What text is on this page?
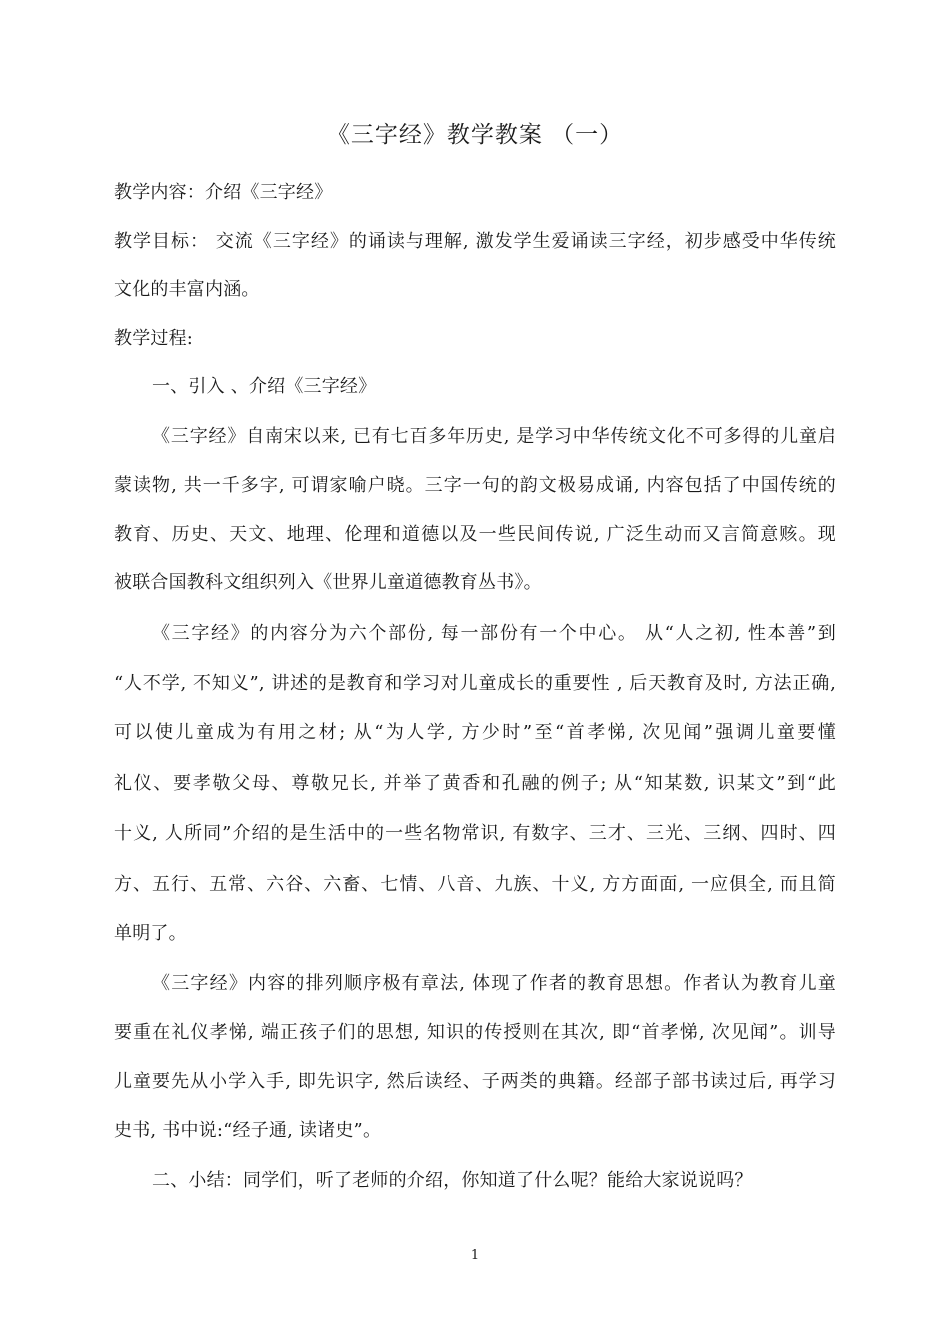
《三字经》教学教案 （一）
教学内容：介绍《三字经》
教学目标： 交流《三字经》的诵读与理解, 激发学生爱诵读三字经，初步感受中华传统
文化的丰富内涵。
教学过程:
一、引入 、介绍《三字经》
《三字经》自南宋以来, 已有七百多年历史, 是学习中华传统文化不可多得的儿童启
蒙读物, 共一千多字, 可谓家喻户晓。三字一句的韵文极易成诵, 内容包括了中国传统的
教育、历史、天文、地理、伦理和道德以及一些民间传说, 广泛生动而又言简意赅。现
被联合国教科文组织列入《世界儿童道德教育丛书》。
《三字经》的内容分为六个部份, 每一部份有一个中心。 从“人之初, 性本善”到
“人不学, 不知义”, 讲述的是教育和学习对儿童成长的重要性 , 后天教育及时, 方法正确,
可以使儿童成为有用之材; 从“为人学, 方少时”至“首孝悌, 次见闻”强调儿童要懂
礼仪、要孝敬父母、尊敬兄长, 并举了黄香和孔融的例子; 从“知某数, 识某文”到“此
十义, 人所同”介绍的是生活中的一些名物常识, 有数字、三才、三光、三纲、四时、四
方、五行、五常、六谷、六畜、七情、八音、九族、十义, 方方面面, 一应俱全, 而且简
单明了。
《三字经》内容的排列顺序极有章法, 体现了作者的教育思想。作者认为教育儿童
要重在礼仪孝悌, 端正孩子们的思想, 知识的传授则在其次, 即“首孝悌, 次见闻”。训导
儿童要先从小学入手, 即先识字, 然后读经、子两类的典籍。经部子部书读过后, 再学习
史书, 书中说:“经子通, 读诸史”。
二、小结：同学们，听了老师的介绍，你知道了什么呢？能给大家说说吗？
1
